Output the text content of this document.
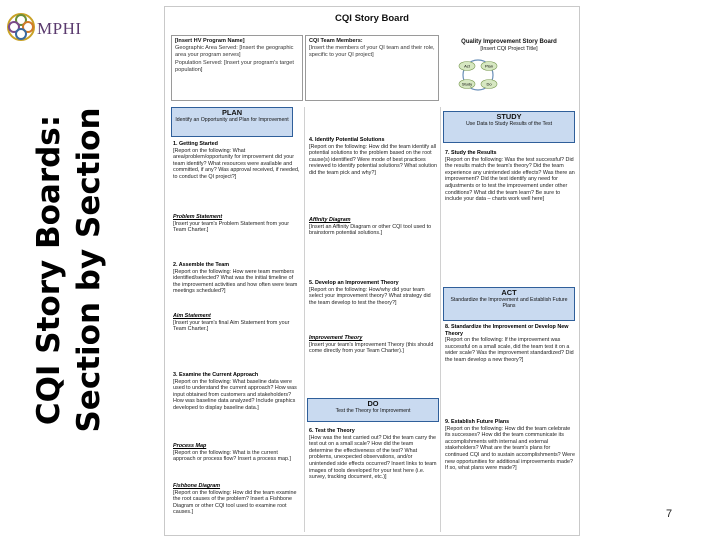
MPHI
CQI Story Boards: Section by Section
CQI Story Board
[Insert HV Program Name]
Geographic Area Served: [Insert the geographic area your program serves]
Population Served: [Insert your program's target population]
CQI Team Members:
[Insert the members of your QI team and their role, specific to your QI project]
Quality Improvement Story Board
[Insert CQI Project Title]
Act	Plan
Study	Do
PLAN
Identify an Opportunity and Plan for Improvement	STUDY
Use Data to Study Results of the Test
ACT
Standardize the Improvement and Establish Future Plans
DO
Test the Theory for Improvement
1. Getting Started
[Report on the following: What area/problem/opportunity for improvement did your team identify? What resources were available and committed, if any? Was approval received, if needed, to conduct the QI project?]
Problem Statement
[Insert your team's Problem Statement from your Team Charter.]
2. Assemble the Team
[Report on the following: How were team members identified/selected? What was the initial timeline of the improvement activities and how often were team meetings scheduled?]
Aim Statement
[Insert your team's final Aim Statement from your Team Charter.]
3. Examine the Current Approach
[Report on the following: What baseline data were used to understand the current approach? How was input obtained from customers and stakeholders? How was baseline data analyzed? Include graphics developed to display baseline data.]
Process Map
[Report on the following: What is the current approach or process flow? Insert a process map.]
Fishbone Diagram
[Report on the following: How did the team examine the root causes of the problem? Insert a Fishbone Diagram or other CQI tool used to examine root causes.]
4. Identify Potential Solutions
[Report on the following: How did the team identify all potential solutions to the problem based on the root cause(s) identified? Were mode of best practices reviewed to identify potential solutions? What solution did the team pick and why?]
Affinity Diagram
[Insert an Affinity Diagram or other CQI tool used to brainstorm potential solutions.]
5. Develop an Improvement Theory
[Report on the following: How/why did your team select your improvement theory? What strategy did the team develop to test the theory?]
Improvement Theory
[Insert your team's Improvement Theory (this should come directly from your Team Charter).]
6. Test the Theory
[How was the test carried out? Did the team carry the test out on a small scale? How did the team determine the effectiveness of the test? What problems, unexpected observations, and/or unintended side effects occurred? Insert links to team images of tools developed for your test here (i.e. survey, tracking document, etc.)]
7. Study the Results
[Report on the following: Was the test successful? Did the results match the team's theory? Did the team experience any unintended side effects? Was there an improvement? Did the test identify any need for adjustments or to test the improvement under other conditions? What did the team learn? Be sure to include your data – charts work well here]
8. Standardize the Improvement or Develop New Theory
[Report on the following: If the improvement was successful on a small scale, did the team test it on a wider scale? Was the improvement standardized? Did the team develop a new theory?]
9. Establish Future Plans
[Report on the following: How did the team celebrate its successes? How did the team communicate its accomplishments with internal and external stakeholders? What are the team's plans for continued CQI and to sustain accomplishments? Were new opportunities for additional improvements made? If so, what plans were made?]
7
